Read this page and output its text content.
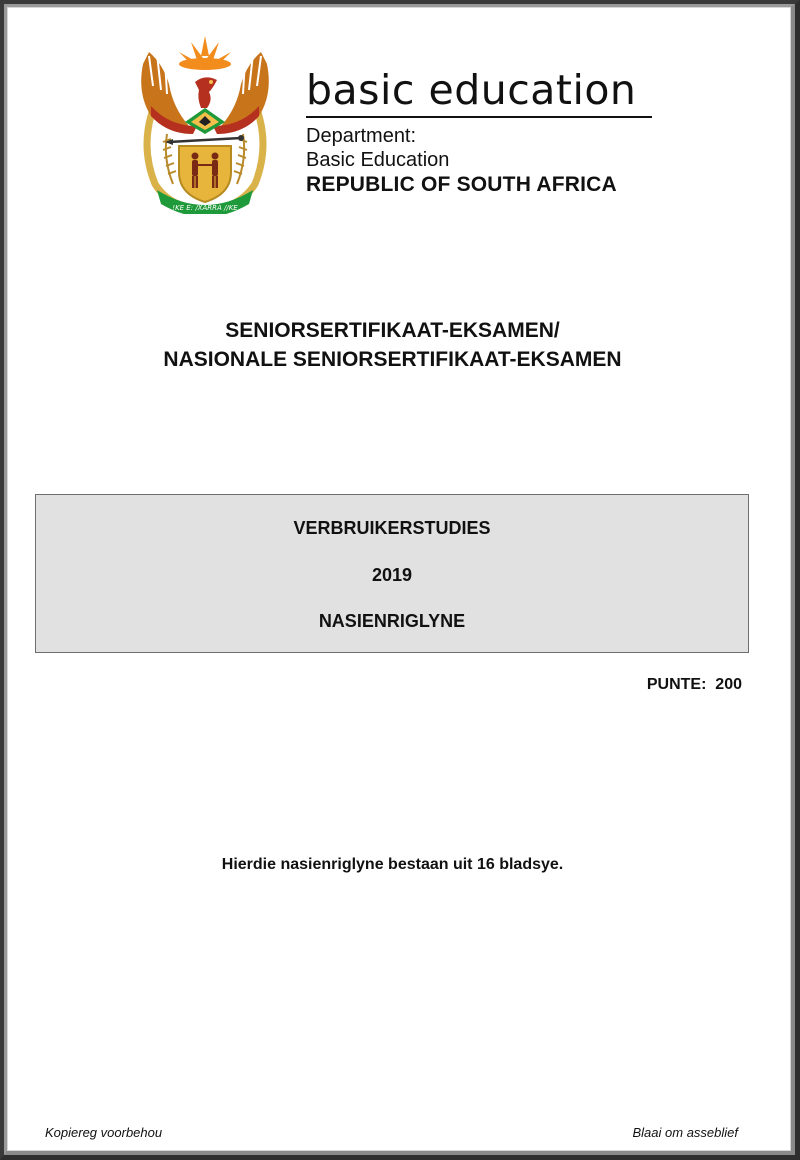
!KE E: /XARRA //KE
basic education
Department:
Basic Education
REPUBLIC OF SOUTH AFRICA
SENIORSERTIFIKAAT-EKSAMEN/
NASIONALE SENIORSERTIFIKAAT-EKSAMEN
VERBRUIKERSTUDIES
2019
NASIENRIGLYNE
PUNTE:  200
Hierdie nasienriglyne bestaan uit 16 bladsye.
Kopiereg voorbehou	Blaai om asseblief
